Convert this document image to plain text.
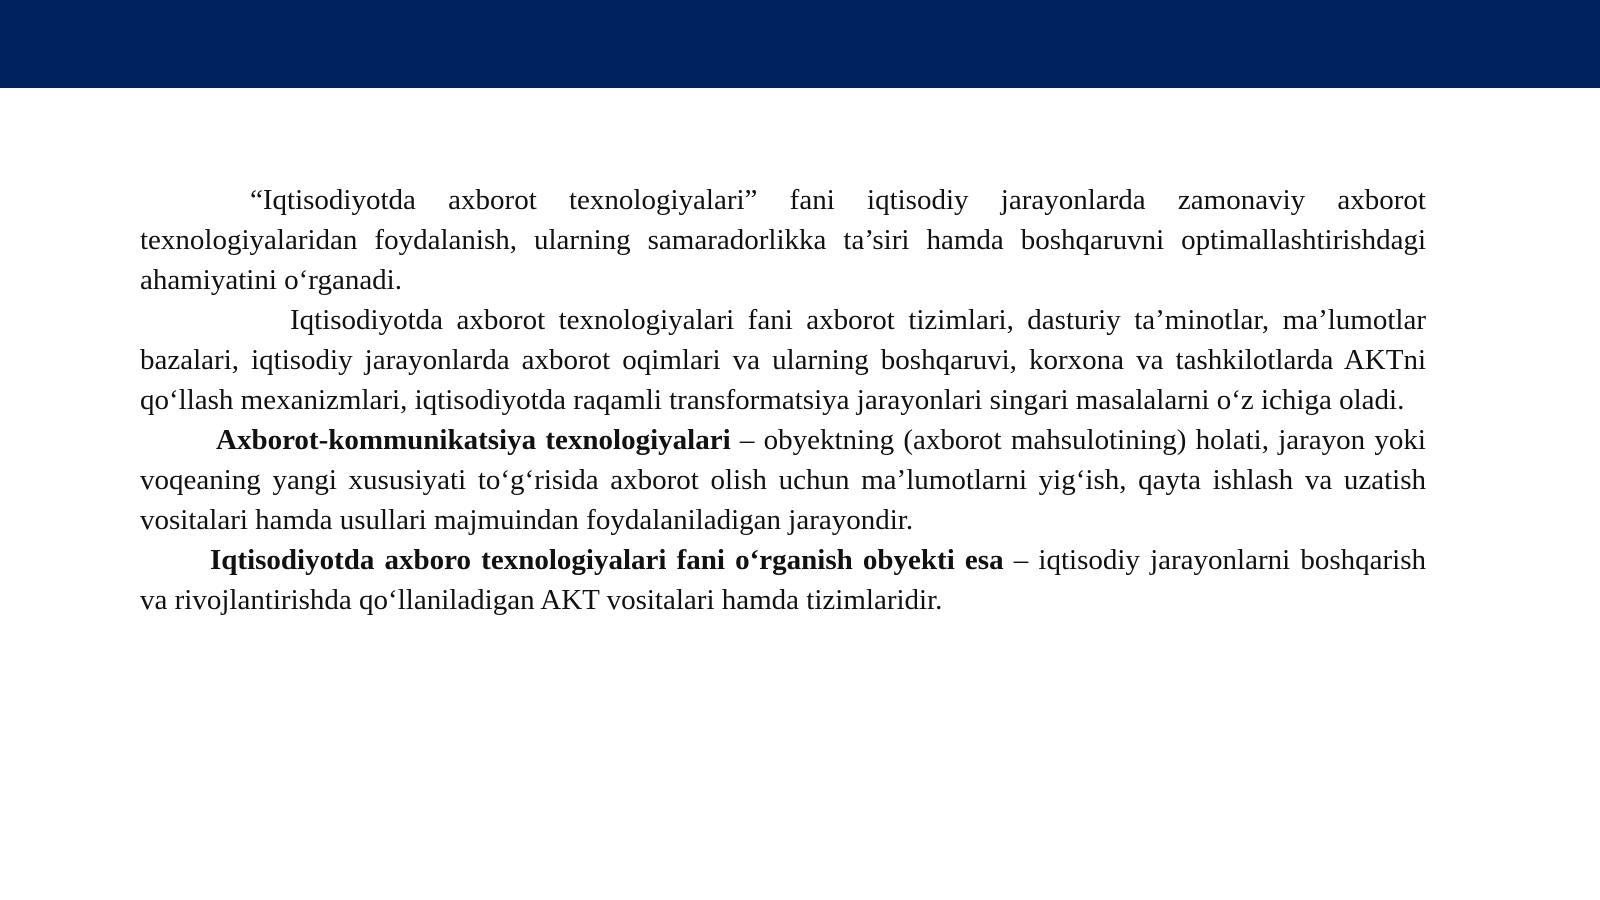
“Iqtisodiyotda axborot texnologiyalari” fani iqtisodiy jarayonlarda zamonaviy axborot texnologiyalaridan foydalanish, ularning samaradorlikka ta’siri hamda boshqaruvni optimallashtirishdagi ahamiyatini o‘rganadi.

Iqtisodiyotda axborot texnologiyalari fani axborot tizimlari, dasturiy ta’minotlar, ma’lumotlar bazalari, iqtisodiy jarayonlarda axborot oqimlari va ularning boshqaruvi, korxona va tashkilotlarda AKTni qo‘llash mexanizmlari, iqtisodiyotda raqamli transformatsiya jarayonlari singari masalalarni o‘z ichiga oladi.

Axborot-kommunikatsiya texnologiyalari – obyektning (axborot mahsulotining) holati, jarayon yoki voqeaning yangi xususiyati to‘g‘risida axborot olish uchun ma’lumotlarni yig‘ish, qayta ishlash va uzatish vositalari hamda usullari majmuindan foydalaniladigan jarayondir.

Iqtisodiyotda axboro texnologiyalari fani o‘rganish obyekti esa – iqtisodiy jarayonlarni boshqarish va rivojlantirishda qo‘llaniladigan AKT vositalari hamda tizimlaridir.
